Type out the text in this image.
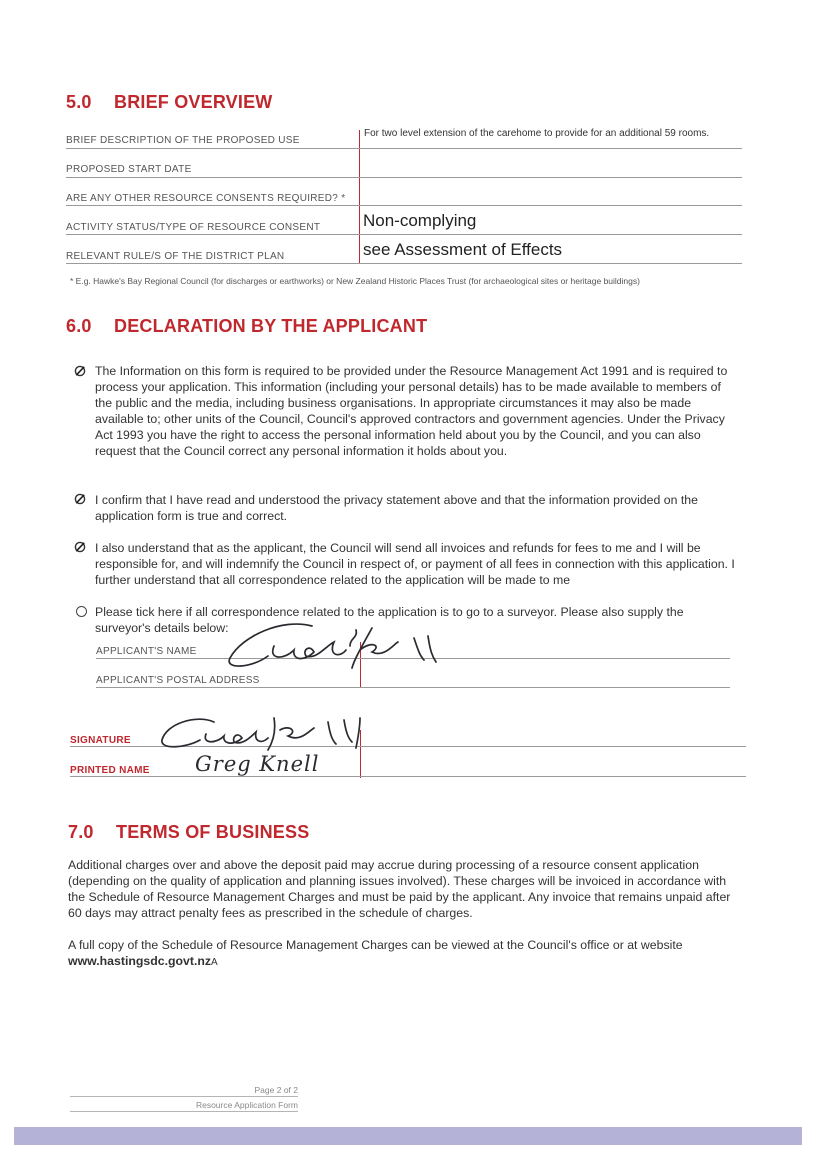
5.0 BRIEF OVERVIEW
BRIEF DESCRIPTION OF THE PROPOSED USE
For two level extension of the carehome to provide for an additional 59 rooms.
PROPOSED START DATE
ARE ANY OTHER RESOURCE CONSENTS REQUIRED? *
ACTIVITY STATUS/TYPE OF RESOURCE CONSENT	Non-complying
RELEVANT RULE/S OF THE DISTRICT PLAN	see Assessment of Effects
* E.g. Hawke's Bay Regional Council (for discharges or earthworks) or New Zealand Historic Places Trust (for archaeological sites or heritage buildings)
6.0 DECLARATION BY THE APPLICANT

The Information on this form is required to be provided under the Resource Management Act 1991 and is required to process your application. This information (including your personal details) has to be made available to members of the public and the media, including business organisations. In appropriate circumstances it may also be made available to; other units of the Council, Council's approved contractors and government agencies. Under the Privacy Act 1993 you have the right to access the personal information held about you by the Council, and you can also request that the Council correct any personal information it holds about you.

I confirm that I have read and understood the privacy statement above and that the information provided on the application form is true and correct.

I also understand that as the applicant, the Council will send all invoices and refunds for fees to me and I will be responsible for, and will indemnify the Council in respect of, or payment of all fees in connection with this application. I further understand that all correspondence related to the application will be made to me

Please tick here if all correspondence related to the application is to go to a surveyor. Please also supply the surveyor's details below:

APPLICANT'S NAME
APPLICANT'S POSTAL ADDRESS
SIGNATURE
PRINTED NAME Greg Knell
7.0 TERMS OF BUSINESS

Additional charges over and above the deposit paid may accrue during processing of a resource consent application (depending on the quality of application and planning issues involved). These charges will be invoiced in accordance with the Schedule of Resource Management Charges and must be paid by the applicant. Any invoice that remains unpaid after 60 days may attract penalty fees as prescribed in the schedule of charges.

A full copy of the Schedule of Resource Management Charges can be viewed at the Council's office or at website

www.hastingsdc.govt.nzA

Page 2 of 2
Resource Application Form
